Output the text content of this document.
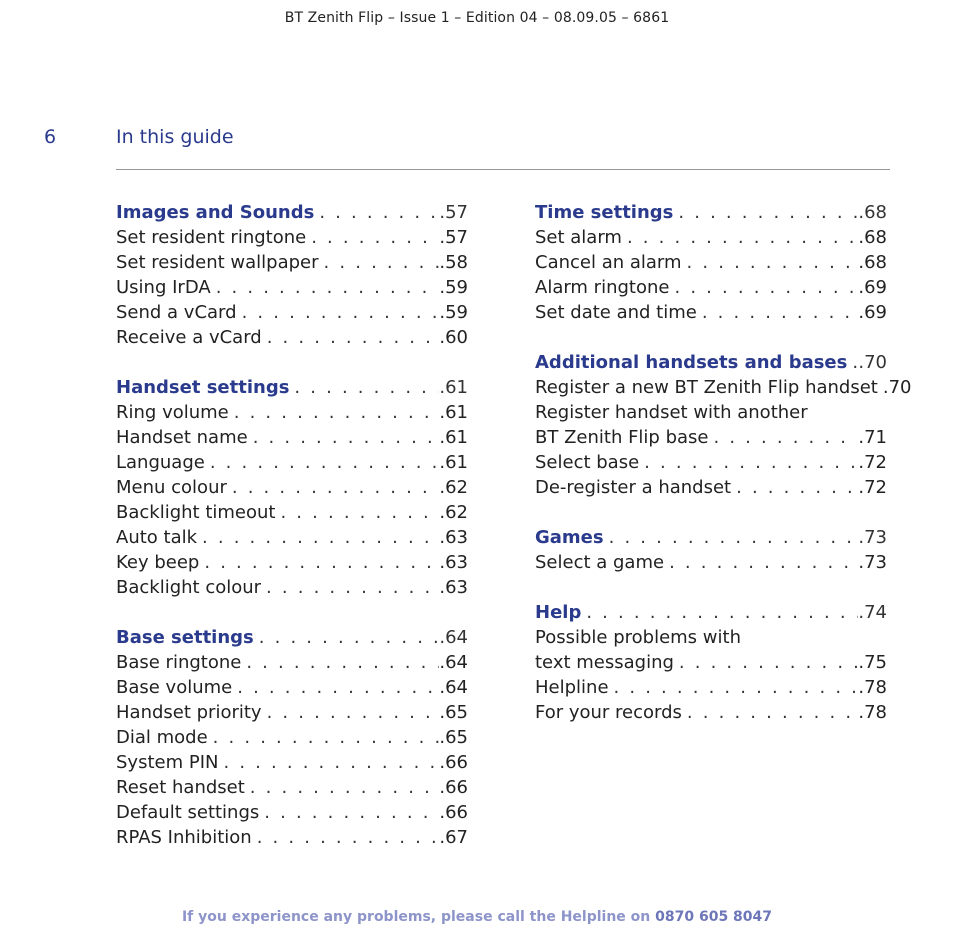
BT Zenith Flip – Issue 1 – Edition 04 – 08.09.05 – 6861
6	In this guide
Images and Sounds . . .	.57
Set resident ringtone . . .	.57
Set resident wallpaper . . .	.58
Using IrDA . . .	.59
Send a vCard . . .	.59
Receive a vCard . . .	.60
Handset settings . . .	.61
Ring volume . . .	.61
Handset name . . .	.61
Language . . .	.61
Menu colour . . .	.62
Backlight timeout . . .	.62
Auto talk . . .	.63
Key beep . . .	.63
Backlight colour . . .	.63
Base settings . . .	.64
Base ringtone . . .	.64
Base volume . . .	.64
Handset priority . . .	.65
Dial mode . . .	.65
System PIN . . .	.66
Reset handset . . .	.66
Default settings . . .	.66
RPAS Inhibition . . .	.67
Time settings . . .	.68
Set alarm . . .	.68
Cancel an alarm . . .	.68
Alarm ringtone . . .	.69
Set date and time . . .	.69
Additional handsets and bases . . . .70
Register a new BT Zenith Flip handset .70
Register handset with another
BT Zenith Flip base . . .	.71
Select base . . .	.72
De-register a handset . . .	.72
Games . . .	.73
Select a game . . .	.73
Help . . .	.74
Possible problems with
text messaging . . .	.75
Helpline . . .	.78
For your records . . .	.78
If you experience any problems, please call the Helpline on 0870 605 8047
